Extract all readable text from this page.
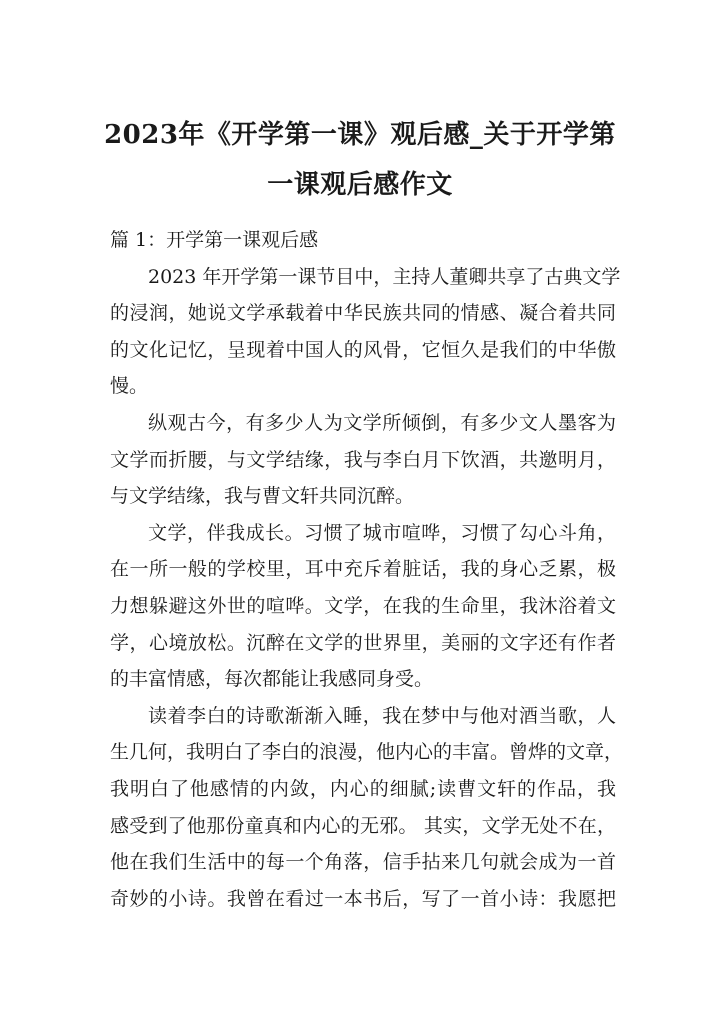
2023年《开学第一课》观后感_关于开学第
一课观后感作文
篇 1：开学第一课观后感
2023 年开学第一课节目中，主持人董卿共享了古典文学
的浸润，她说文学承载着中华民族共同的情感、凝合着共同
的文化记忆，呈现着中国人的风骨，它恒久是我们的中华傲
慢。
纵观古今，有多少人为文学所倾倒，有多少文人墨客为
文学而折腰，与文学结缘，我与李白月下饮酒，共邀明月，
与文学结缘，我与曹文轩共同沉醉。
文学，伴我成长。习惯了城市喧哗，习惯了勾心斗角，
在一所一般的学校里，耳中充斥着脏话，我的身心乏累，极
力想躲避这外世的喧哗。文学，在我的生命里，我沐浴着文
学，心境放松。沉醉在文学的世界里，美丽的文字还有作者
的丰富情感，每次都能让我感同身受。
读着李白的诗歌渐渐入睡，我在梦中与他对酒当歌，人
生几何，我明白了李白的浪漫，他内心的丰富。曾烨的文章，
我明白了他感情的内敛，内心的细腻;读曹文轩的作品，我
感受到了他那份童真和内心的无邪。 其实，文学无处不在，
他在我们生活中的每一个角落，信手拈来几句就会成为一首
奇妙的小诗。我曾在看过一本书后，写了一首小诗：我愿把
